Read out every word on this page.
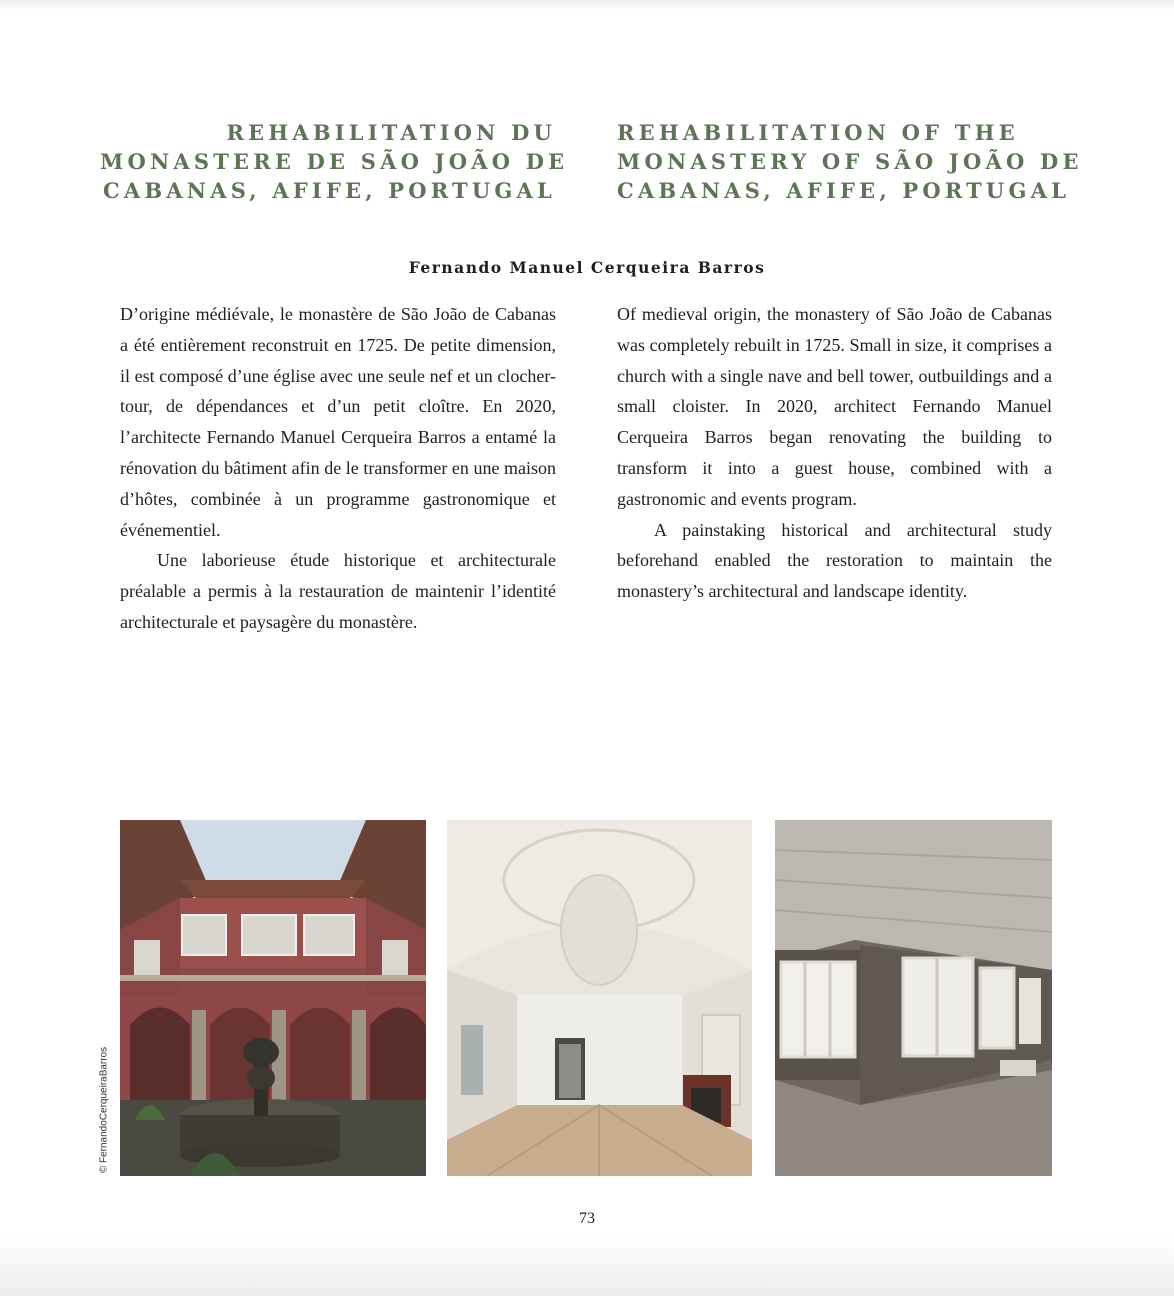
REHABILITATION DU
MONASTERE DE SÃO JOÃO DE
CABANAS, AFIFE, PORTUGAL
REHABILITATION OF THE
MONASTERY OF SÃO JOÃO DE
CABANAS, AFIFE, PORTUGAL
Fernando Manuel Cerqueira Barros

D’origine médiévale, le monastère de São João de Cabanas a été entièrement reconstruit en 1725. De petite dimension, il est composé d’une église avec une seule nef et un clocher-tour, de dépendances et d’un petit cloître. En 2020, l’architecte Fernando Manuel Cerqueira Barros a entamé la rénovation du bâtiment afin de le transformer en une maison d’hôtes, combinée à un programme gastronomique et événementiel.

Une laborieuse étude historique et architecturale préalable a permis à la restauration de maintenir l’identité architecturale et paysagère du monastère.

Of medieval origin, the monastery of São João de Cabanas was completely rebuilt in 1725. Small in size, it comprises a church with a single nave and bell tower, outbuildings and a small cloister. In 2020, architect Fernando Manuel Cerqueira Barros began renovating the building to transform it into a guest house, combined with a gastronomic and events program.

A painstaking historical and architectural study beforehand enabled the restoration to maintain the monastery’s architectural and landscape identity.

© FernandoCerqueiraBarros
73
